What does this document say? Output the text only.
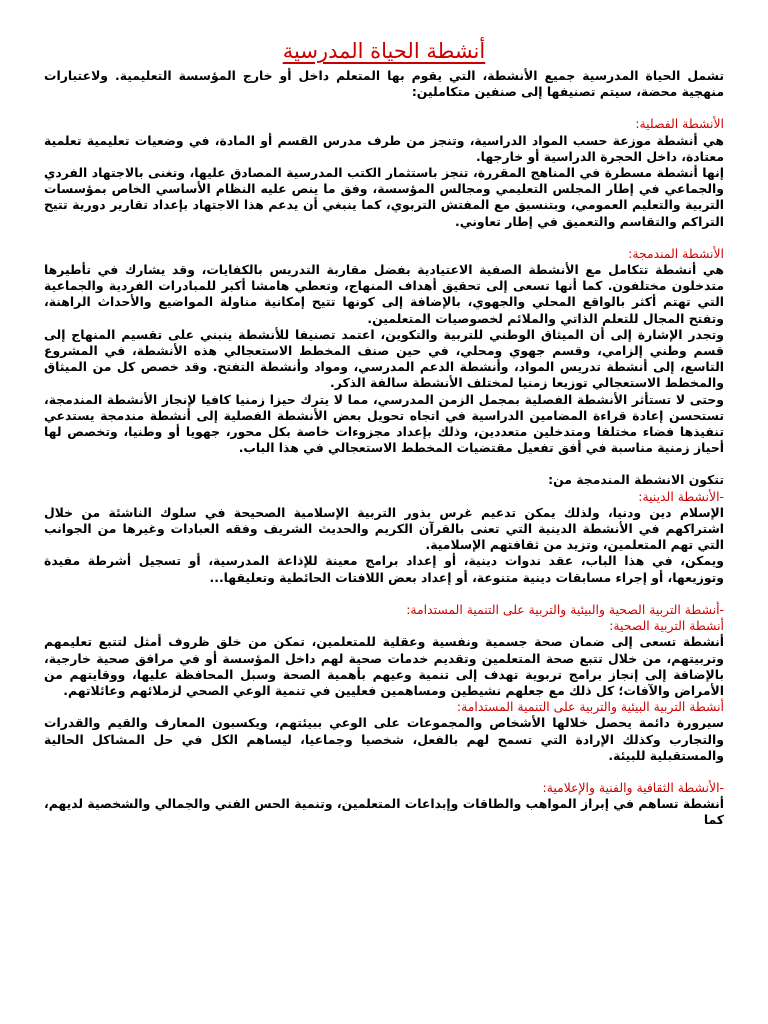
أنشطة الحياة المدرسية

تشمل الحياة المدرسية جميع الأنشطة، التي يقوم بها المتعلم داخل أو خارج المؤسسة التعليمية. ولاعتبارات منهجية محضة، سيتم تصنيفها إلى صنفين متكاملين:

الأنشطة الفصلية:

هي أنشطة موزعة حسب المواد الدراسية، وتنجز من طرف مدرس القسم أو المادة، في وضعيات تعليمية تعلمية معتادة، داخل الحجرة الدراسية أو خارجها.

إنها أنشطة مسطرة في المناهج المقررة، تنجز باستثمار الكتب المدرسية المصادق عليها، وتغنى بالاجتهاد الفردي والجماعي في إطار المجلس التعليمي ومجالس المؤسسة، وفق ما ينص عليه النظام الأساسي الخاص بمؤسسات التربية والتعليم العمومي، وبتنسيق مع المفتش التربوي، كما ينبغي أن يدعم هذا الاجتهاد بإعداد تقارير دورية تتيح التراكم والتقاسم والتعميق في إطار تعاوني.

الأنشطة المندمجة:

هي أنشطة تتكامل مع الأنشطة الصفية الاعتيادية بفضل مقاربة التدريس بالكفايات، وقد يشارك في تأطيرها متدخلون مختلفون. كما أنها تسعى إلى تحقيق أهداف المنهاج، وتعطي هامشا أكبر للمبادرات الفردية والجماعية التي تهتم أكثر بالواقع المحلي والجهوي، بالإضافة إلى كونها تتيح إمكانية مناولة المواضيع والأحداث الراهنة، وتفتح المجال للتعلم الذاتي والملائم لخصوصيات المتعلمين.

وتجدر الإشارة إلى أن الميثاق الوطني للتربية والتكوين، اعتمد تصنيفا للأنشطة ينبني على تقسيم المنهاج إلى قسم وطني إلزامي، وقسم جهوي ومحلي، في حين صنف المخطط الاستعجالي هذه الأنشطة، في المشروع التاسع، إلى أنشطة تدريس المواد، وأنشطة الدعم المدرسي، ومواد وأنشطة التفتح. وقد خصص كل من الميثاق والمخطط الاستعجالي توزيعا زمنيا لمختلف الأنشطة سالفة الذكر.

وحتى لا تستأثر الأنشطة الفصلية بمجمل الزمن المدرسي، مما لا يترك حيزا زمنيا كافيا لإنجاز الأنشطة المندمجة، تستحسن إعادة قراءة المضامين الدراسية في اتجاه تحويل بعض الأنشطة الفصلية إلى أنشطة مندمجة يستدعي تنفيذها فضاء مختلفا ومتدخلين متعددين، وذلك بإعداد مجزوءات خاصة بكل محور، جهويا أو وطنيا، وتخصص لها أحياز زمنية مناسبة في أفق تفعيل مقتضيات المخطط الاستعجالي في هذا الباب.

تتكون الانشطة المندمجة من:

-الأنشطة الدينية:

الإسلام دين ودنيا، ولذلك يمكن تدعيم غرس بذور التربية الإسلامية الصحيحة في سلوك الناشئة من خلال اشتراكهم في الأنشطة الدينية التي تعنى بالقرآن الكريم والحديث الشريف وفقه العبادات وغيرها من الجوانب التي تهم المتعلمين، وتزيد من ثقافتهم الإسلامية.

ويمكن، في هذا الباب، عقد ندوات دينية، أو إعداد برامج معينة للإذاعة المدرسية، أو تسجيل أشرطة مفيدة وتوزيعها، أو إجراء مسابقات دينية متنوعة، أو إعداد بعض اللافتات الحائطية وتعليقها...

-أنشطة التربية الصحية والبيئية والتربية على التنمية المستدامة:
أنشطة التربية الصحية:

أنشطة تسعى إلى ضمان صحة جسمية ونفسية وعقلية للمتعلمين، تمكن من خلق ظروف أمثل لتتبع تعليمهم وتربيتهم، من خلال تتبع صحة المتعلمين وتقديم خدمات صحية لهم داخل المؤسسة أو في مرافق صحية خارجية، بالإضافة إلى إنجاز برامج تربوية تهدف إلى تنمية وعيهم بأهمية الصحة وسبل المحافظة عليها، ووقايتهم من الأمراض والآفات؛ كل ذلك مع جعلهم نشيطين ومساهمين فعليين في تنمية الوعي الصحي لزملائهم وعائلاتهم.

أنشطة التربية البيئية والتربية على التنمية المستدامة:

سيرورة دائمة يحصل خلالها الأشخاص والمجموعات على الوعي ببيئتهم، ويكسبون المعارف والقيم والقدرات والتجارب وكذلك الإرادة التي تسمح لهم بالفعل، شخصيا وجماعيا، ليساهم الكل في حل المشاكل الحالية والمستقبلية للبيئة.

-الأنشطة الثقافية والفنية والإعلامية:

أنشطة تساهم في إبراز المواهب والطاقات وإبداعات المتعلمين، وتنمية الحس الفني والجمالي والشخصية لديهم، كما
